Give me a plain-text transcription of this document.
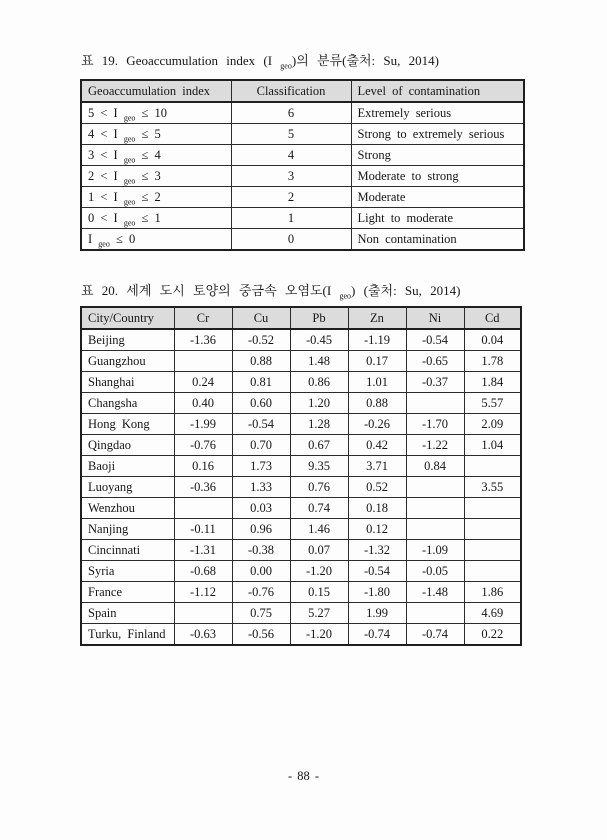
표 19. Geoaccumulation index (I $_{geo}$)의 분류(출처: Su, 2014)
Geoaccumulation index	Classification	Level of contamination
5 < I $_{geo}$ ≤ 10	6	Extremely serious
4 < I $_{geo}$ ≤ 5	5	Strong to extremely serious
3 < I $_{geo}$ ≤ 4	4	Strong
2 < I $_{geo}$ ≤ 3	3	Moderate to strong
1 < I $_{geo}$ ≤ 2	2	Moderate
0 < I $_{geo}$ ≤ 1	1	Light to moderate
I $_{geo}$ ≤ 0	0	Non contamination
표 20. 세계 도시 토양의 중금속 오염도(I $_{geo}$) (출처: Su, 2014)
City/Country	Cr	Cu	Pb	Zn	Ni	Cd
Beijing	-1.36	-0.52	-0.45	-1.19	-0.54	0.04
Guangzhou		0.88	1.48	0.17	-0.65	1.78
Shanghai	0.24	0.81	0.86	1.01	-0.37	1.84
Changsha	0.40	0.60	1.20	0.88		5.57
Hong Kong	-1.99	-0.54	1.28	-0.26	-1.70	2.09
Qingdao	-0.76	0.70	0.67	0.42	-1.22	1.04
Baoji	0.16	1.73	9.35	3.71	0.84	
Luoyang	-0.36	1.33	0.76	0.52		3.55
Wenzhou		0.03	0.74	0.18		
Nanjing	-0.11	0.96	1.46	0.12		
Cincinnati	-1.31	-0.38	0.07	-1.32	-1.09	
Syria	-0.68	0.00	-1.20	-0.54	-0.05	
France	-1.12	-0.76	0.15	-1.80	-1.48	1.86
Spain		0.75	5.27	1.99		4.69
Turku, Finland	-0.63	-0.56	-1.20	-0.74	-0.74	0.22
- 88 -
